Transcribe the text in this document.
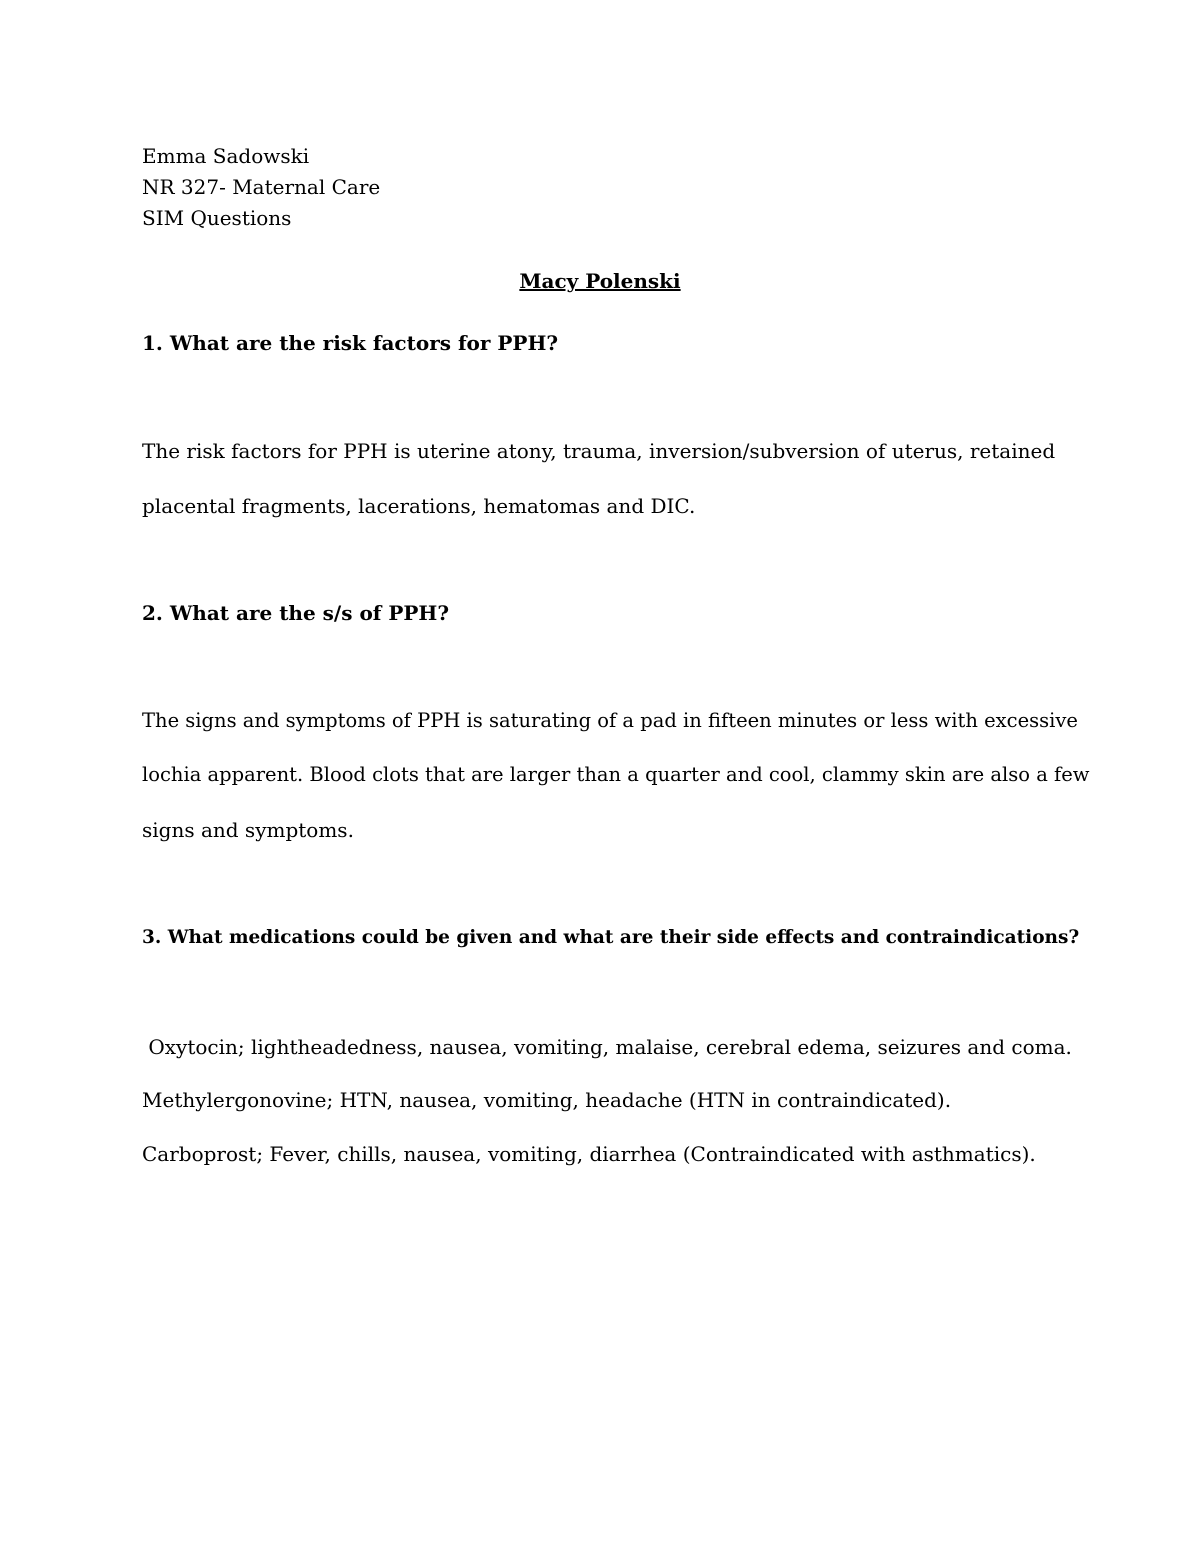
Emma Sadowski
NR 327- Maternal Care
SIM Questions
Macy Polenski
1. What are the risk factors for PPH?
The risk factors for PPH is uterine atony, trauma, inversion/subversion of uterus, retained
placental fragments, lacerations, hematomas and DIC.
2. What are the s/s of PPH?
The signs and symptoms of PPH is saturating of a pad in fifteen minutes or less with excessive
lochia apparent. Blood clots that are larger than a quarter and cool, clammy skin are also a few
signs and symptoms.
3. What medications could be given and what are their side effects and contraindications?
Oxytocin; lightheadedness, nausea, vomiting, malaise, cerebral edema, seizures and coma.
Methylergonovine; HTN, nausea, vomiting, headache (HTN in contraindicated).
Carboprost; Fever, chills, nausea, vomiting, diarrhea (Contraindicated with asthmatics).
